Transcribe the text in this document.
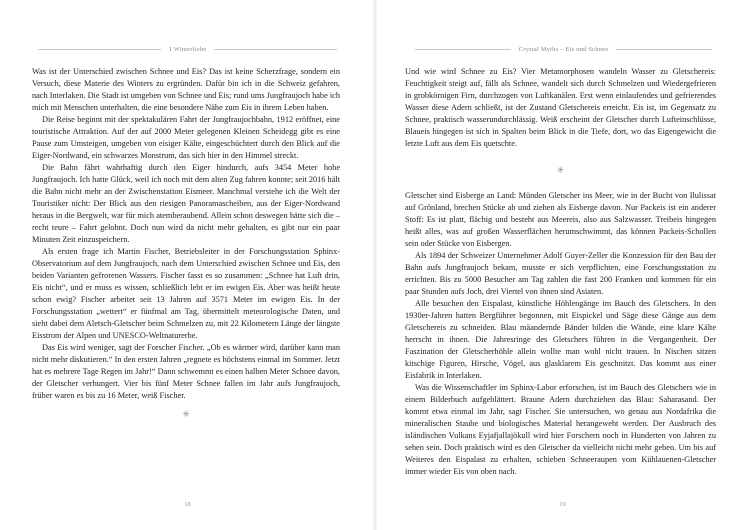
1 Winterliebe

Was ist der Unterschied zwischen Schnee und Eis? Das ist keine Scherzfrage, sondern ein Versuch, diese Materie des Winters zu ergründen. Dafür bin ich in die Schweiz gefahren, nach Interlaken. Die Stadt ist umgeben von Schnee und Eis; rund ums Jungfraujoch habe ich mich mit Menschen unterhalten, die eine besondere Nähe zum Eis in ihrem Leben haben.

Die Reise beginnt mit der spektakulären Fahrt der Jungfraujochbahn, 1912 eröffnet, eine touristische Attraktion. Auf der auf 2000 Meter gelegenen Kleinen Scheidegg gibt es eine Pause zum Umsteigen, umgeben von eisiger Kälte, eingeschüchtert durch den Blick auf die Eiger-Nordwand, ein schwarzes Monstrum, das sich hier in den Himmel streckt.

Die Bahn fährt wahrhaftig durch den Eiger hindurch, aufs 3454 Meter hohe Jungfraujoch. Ich hatte Glück, weil ich noch mit dem alten Zug fahren konnte; seit 2016 hält die Bahn nicht mehr an der Zwischenstation Eismeer. Manchmal verstehe ich die Welt der Touristiker nicht: Der Blick aus den riesigen Panoramascheiben, aus der Eiger-Nordwand heraus in die Bergwelt, war für mich atemberaubend. Allein schon deswegen hätte sich die – recht teure – Fahrt gelohnt. Doch nun wird da nicht mehr gehalten, es gibt nur ein paar Minuten Zeit einzuspeichern.

Als ersten frage ich Martin Fischer, Betriebsleiter in der Forschungsstation Sphinx-Observatorium auf dem Jungfraujoch, nach dem Unterschied zwischen Schnee und Eis, den beiden Varianten gefrorenen Wassers. Fischer fasst es so zusammen: „Schnee hat Luft drin, Eis nicht“, und er muss es wissen, schließlich lebt er im ewigen Eis. Aber was heißt heute schon ewig? Fischer arbeitet seit 13 Jahren auf 3571 Meter im ewigen Eis. In der Forschungsstation „wettert“ er fünfmal am Tag, übermittelt meteorologische Daten, und sieht dabei dem Aletsch-Gletscher beim Schmelzen zu, mit 22 Kilometern Länge der längste Eisstrom der Alpen und UNESCO-Weltnaturerbe.

Das Eis wird weniger, sagt der Forscher Fischer. „Ob es wärmer wird, darüber kann man nicht mehr diskutieren.“ In den ersten Jahren „regnete es höchstens einmal im Sommer. Jetzt hat es mehrere Tage Regen im Jahr!“ Dann schwemmt es einen halben Meter Schnee davon, der Gletscher verhungert. Vier bis fünf Meter Schnee fallen im Jahr aufs Jungfraujoch, früher waren es bis zu 16 Meter, weiß Fischer.

✳
18
Crystal Myths – Eis und Schnee

Und wie wird Schnee zu Eis? Vier Metamorphosen wandeln Wasser zu Gletschereis: Feuchtigkeit steigt auf, fällt als Schnee, wandelt sich durch Schmelzen und Wiedergefrieren in grobkörnigen Firn, durchzogen von Luftkanälen. Erst wenn einlaufendes und gefrierendes Wasser diese Adern schließt, ist der Zustand Gletschereis erreicht. Eis ist, im Gegensatz zu Schnee, praktisch wasserundurchlässig. Weiß erscheint der Gletscher durch Lufteinschlüsse, Blaueis hingegen ist sich in Spalten beim Blick in die Tiefe, dort, wo das Eigengewicht die letzte Luft aus dem Eis quetschte.

✳

Gletscher sind Eisberge an Land: Münden Gletscher ins Meer, wie in der Bucht von Ilulissat auf Grönland, brechen Stücke ab und ziehen als Eisberge davon. Nur Packeis ist ein anderer Stoff: Es ist platt, flächig und besteht aus Meereis, also aus Salzwasser. Treibeis hingegen heißt alles, was auf großen Wasserflächen herumschwimmt, das können Packeis-Schollen sein oder Stücke von Eisbergen.

Als 1894 der Schweizer Unternehmer Adolf Guyer-Zeller die Konzession für den Bau der Bahn aufs Jungfraujoch bekam, musste er sich verpflichten, eine Forschungsstation zu errichten. Bis zu 5000 Besucher am Tag zahlen die fast 200 Franken und kommen für ein paar Stunden aufs Joch, drei Viertel von ihnen sind Asiaten.

Alle besuchen den Eispalast, künstliche Höhlengänge im Bauch des Gletschers. In den 1930er-Jahren hatten Bergführer begonnen, mit Eispickel und Säge diese Gänge aus dem Gletschereis zu schneiden. Blau mäandernde Bänder bilden die Wände, eine klare Kälte herrscht in ihnen. Die Jahresringe des Gletschers führen in die Vergangenheit. Der Faszination der Gletscherhöhle allein wollte man wohl nicht trauen. In Nischen sitzen kitschige Figuren, Hirsche, Vögel, aus glasklarem Eis geschnitzt. Das kommt aus einer Eisfabrik in Interlaken.

Was die Wissenschaftler im Sphinx-Labor erforschen, ist im Bauch des Gletschers wie in einem Bilderbuch aufgeblättert. Braune Adern durchziehen das Blau: Saharasand. Der kommt etwa einmal im Jahr, sagt Fischer. Sie untersuchen, wo genau aus Nordafrika die mineralischen Staube und biologisches Material herangeweht werden. Der Ausbruch des isländischen Vulkans Eyjafjallajökull wird hier Forschern noch in Hunderten von Jahren zu sehen sein. Doch praktisch wird es den Gletscher da vielleicht nicht mehr geben. Um bis auf Weiteres den Eispalast zu erhalten, schieben Schneeraupen vom Kühlauenen-Gletscher immer wieder Eis von oben nach.

19
